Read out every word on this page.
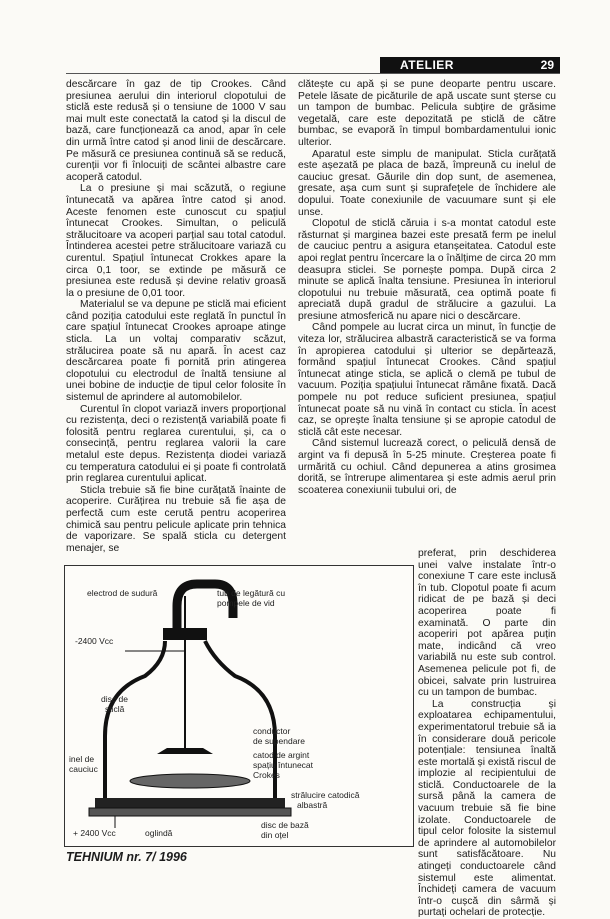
ATELIER	29

descărcare în gaz de tip Crookes. Când presiunea aerului din interiorul clopotului de sticlă este redusă și o tensiune de 1000 V sau mai mult este conectată la catod și la discul de bază, care funcționează ca anod, apar în cele din urmă între catod și anod linii de descărcare. Pe măsură ce presiunea continuă să se reducă, curenții vor fi înlocuiți de scântei albastre care acoperă catodul.

La o presiune și mai scăzută, o regiune întunecată va apărea între catod și anod. Aceste fenomen este cunoscut cu spațiul întunecat Crookes. Simultan, o peliculă strălucitoare va acoperi parțial sau total catodul. Întinderea acestei petre strălucitoare variază cu curentul. Spațiul întunecat Crokkes apare la circa 0,1 toor, se extinde pe măsură ce presiunea este redusă și devine relativ groasă la o presiune de 0,01 toor.

Materialul se va depune pe sticlă mai eficient când poziția catodului este reglată în punctul în care spațiul întunecat Crookes aproape atinge sticla. La un voltaj comparativ scăzut, strălucirea poate să nu apară. În acest caz descărcarea poate fi pornită prin atingerea clopotului cu electrodul de înaltă tensiune al unei bobine de inducție de tipul celor folosite în sistemul de aprindere al automobilelor.

Curentul în clopot variază invers proporțional cu rezistența, deci o rezistență variabilă poate fi folosită pentru reglarea curentului, și, ca o consecință, pentru reglarea valorii la care metalul este depus. Rezistența diodei variază cu temperatura catodului ei și poate fi controlată prin reglarea curentului aplicat.

Sticla trebuie să fie bine curățată înainte de acoperire. Curățirea nu trebuie să fie așa de perfectă cum este cerută pentru acoperirea chimică sau pentru pelicule aplicate prin tehnica de vaporizare. Se spală sticla cu detergent menajer, se

clătește cu apă și se pune deoparte pentru uscare. Petele lăsate de picăturile de apă uscate sunt șterse cu un tampon de bumbac. Pelicula subțire de grăsime vegetală, care este depozitată pe sticlă de către bumbac, se evaporă în timpul bombardamentului ionic ulterior.

Aparatul este simplu de manipulat. Sticla curățată este așezată pe placa de bază, împreună cu inelul de cauciuc gresat. Găurile din dop sunt, de asemenea, gresate, așa cum sunt și suprafețele de închidere ale dopului. Toate conexiunile de vacuumare sunt și ele unse.

Clopotul de sticlă căruia i s-a montat catodul este răsturnat și marginea bazei este presată ferm pe inelul de cauciuc pentru a asigura etanșeitatea. Catodul este apoi reglat pentru încercare la o înălțime de circa 20 mm deasupra sticlei. Se pornește pompa. După circa 2 minute se aplică înalta tensiune. Presiunea în interiorul clopotului nu trebuie măsurată, cea optimă poate fi apreciată după gradul de strălucire a gazului. La presiune atmosferică nu apare nici o descărcare.

Când pompele au lucrat circa un minut, în funcție de viteza lor, strălucirea albastră caracteristică se va forma în apropierea catodului și ulterior se depărtează, formând spațiul întunecat Crookes. Când spațiul întunecat atinge sticla, se aplică o clemă pe tubul de vacuum. Poziția spațiului întunecat rămâne fixată. Dacă pompele nu pot reduce suficient presiunea, spațiul întunecat poate să nu vină în contact cu sticla. În acest caz, se oprește înalta tensiune și se apropie catodul de sticlă cât este necesar.

Când sistemul lucrează corect, o peliculă densă de argint va fi depusă în 5-25 minute. Creșterea poate fi urmărită cu ochiul. Când depunerea a atins grosimea dorită, se întrerupe alimentarea și este admis aerul prin scoaterea conexiunii tubului ori, de

preferat, prin deschiderea unei valve instalate într-o conexiune T care este inclusă în tub. Clopotul poate fi acum ridicat de pe bază și deci acoperirea poate fi examinată. O parte din acoperiri pot apărea puțin mate, indicând că vreo variabilă nu este sub control. Asemenea pelicule pot fi, de obicei, salvate prin lustruirea cu un tampon de bumbac.

La construcția și exploatarea echipamentului, experimentatorul trebuie să ia în considerare două pericole potențiale: tensiunea înaltă este mortală și există riscul de implozie al recipientului de sticlă. Conductoarele de la sursă până la camera de vacuum trebuie să fie bine izolate. Conductoarele de tipul celor folosite la sistemul de aprindere al automobilelor sunt satisfăcătoare. Nu atingeți conductoarele când sistemul este alimentat. Închideți camera de vacuum într-o cușcă din sârmă și purtați ochelari de protecție.

electrod de sudură	tub de legătură cu
pompele de vid
-2400 Vcc
disc de
sticlă
conductor
de supendare
catod de argint
spațiu întunecat
Crokes
inel de
cauciuc
strălucire catodică
albastră
+ 2400 Vcc	oglindă
disc de bază
din oțel
TEHNIUM nr. 7/ 1996
